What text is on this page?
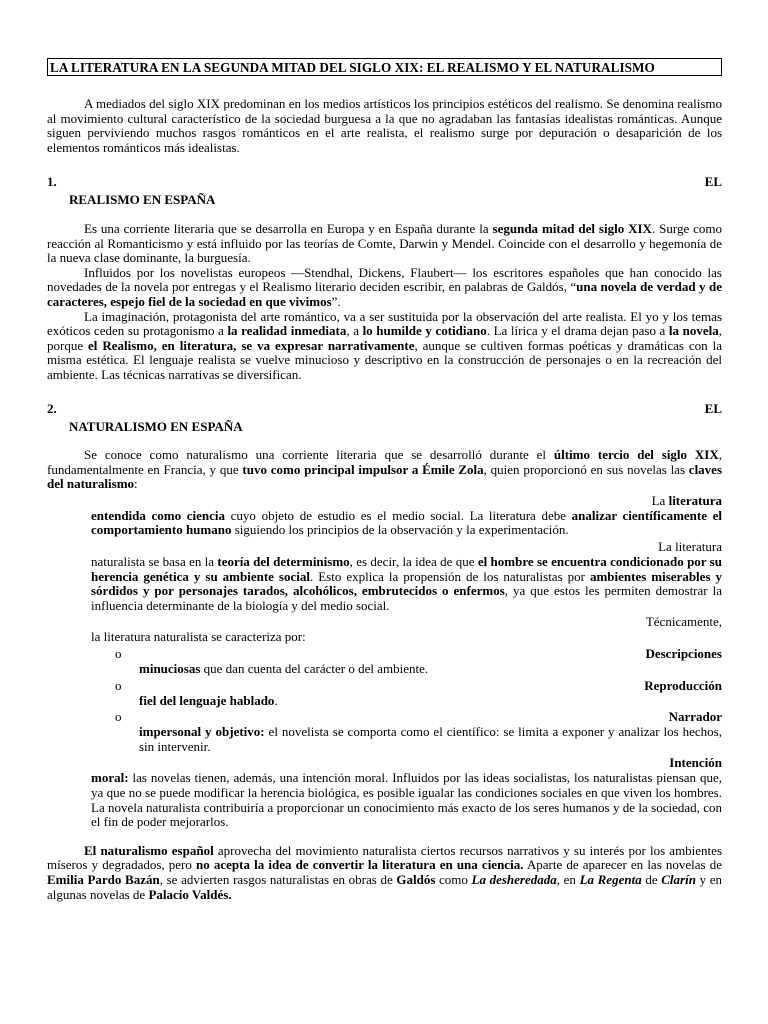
LA LITERATURA EN LA SEGUNDA MITAD DEL SIGLO XIX: EL REALISMO Y EL NATURALISMO

A mediados del siglo XIX predominan en los medios artísticos los principios estéticos del realismo. Se denomina realismo al movimiento cultural característico de la sociedad burguesa a la que no agradaban las fantasías idealistas románticas. Aunque siguen perviviendo muchos rasgos románticos en el arte realista, el realismo surge por depuración o desaparición de los elementos románticos más idealistas.

1.	EL
REALISMO EN ESPAÑA

Es una corriente literaria que se desarrolla en Europa y en España durante la segunda mitad del siglo XIX. Surge como reacción al Romanticismo y está influido por las teorías de Comte, Darwin y Mendel. Coincide con el desarrollo y hegemonía de la nueva clase dominante, la burguesía.

Influidos por los novelistas europeos —Stendhal, Dickens, Flaubert— los escritores españoles que han conocido las novedades de la novela por entregas y el Realismo literario deciden escribir, en palabras de Galdós, “una novela de verdad y de caracteres, espejo fiel de la sociedad en que vivimos”.

La imaginación, protagonista del arte romántico, va a ser sustituida por la observación del arte realista. El yo y los temas exóticos ceden su protagonismo a la realidad inmediata, a lo humilde y cotidiano. La lírica y el drama dejan paso a la novela, porque el Realismo, en literatura, se va expresar narrativamente, aunque se cultiven formas poéticas y dramáticas con la misma estética. El lenguaje realista se vuelve minucioso y descriptivo en la construcción de personajes o en la recreación del ambiente. Las técnicas narrativas se diversifican.

2.	EL
NATURALISMO EN ESPAÑA

Se conoce como naturalismo una corriente literaria que se desarrolló durante el último tercio del siglo XIX, fundamentalmente en Francia, y que tuvo como principal impulsor a Émile Zola, quien proporcionó en sus novelas las claves del naturalismo:

La literatura

entendida como ciencia cuyo objeto de estudio es el medio social. La literatura debe analizar científicamente el comportamiento humano siguiendo los principios de la observación y la experimentación.

La literatura

naturalista se basa en la teoría del determinismo, es decir, la idea de que el hombre se encuentra condicionado por su herencia genética y su ambiente social. Esto explica la propensión de los naturalistas por ambientes miserables y sórdidos y por personajes tarados, alcohólicos, embrutecidos o enfermos, ya que estos les permiten demostrar la influencia determinante de la biología y del medio social.

Técnicamente,

la literatura naturalista se caracteriza por:

o	Descripciones

minuciosas que dan cuenta del carácter o del ambiente.

o	Reproducción

fiel del lenguaje hablado.

o	Narrador

impersonal y objetivo: el novelista se comporta como el científico: se limita a exponer y analizar los hechos, sin intervenir.

Intención

moral: las novelas tienen, además, una intención moral. Influidos por las ideas socialistas, los naturalistas piensan que, ya que no se puede modificar la herencia biológica, es posible igualar las condiciones sociales en que viven los hombres. La novela naturalista contribuiría a proporcionar un conocimiento más exacto de los seres humanos y de la sociedad, con el fin de poder mejorarlos.

El naturalismo español aprovecha del movimiento naturalista ciertos recursos narrativos y su interés por los ambientes míseros y degradados, pero no acepta la idea de convertir la literatura en una ciencia. Aparte de aparecer en las novelas de Emilia Pardo Bazán, se advierten rasgos naturalistas en obras de Galdós como La desheredada, en La Regenta de Clarín y en algunas novelas de Palacio Valdés.
